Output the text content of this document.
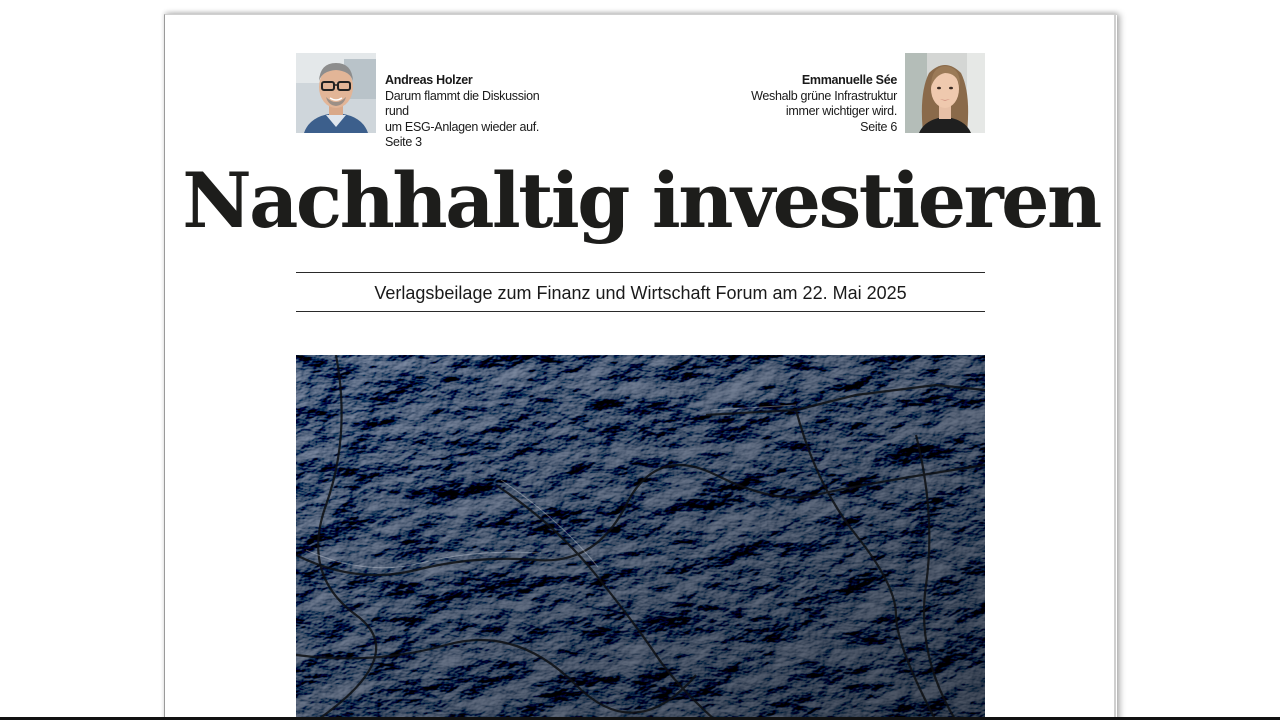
Andreas Holzer
Darum flammt die Diskussion rund
um ESG-Anlagen wieder auf.
Seite 3
Emmanuelle Sée
Weshalb grüne Infrastruktur
immer wichtiger wird.
Seite 6
Nachhaltig investieren
Verlagsbeilage zum Finanz und Wirtschaft Forum am 22. Mai 2025
